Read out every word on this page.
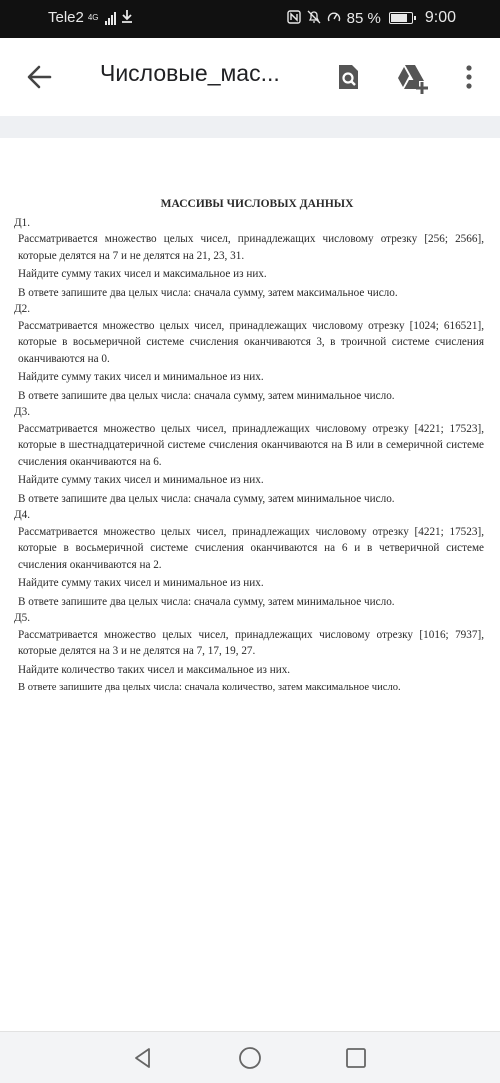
Tele2 4G	85 %	9:00
Числовые_мас...
МАССИВЫ ЧИСЛОВЫХ ДАННЫХ
Д1.
Рассматривается множество целых чисел, принадлежащих числовому отрезку [256; 2566], которые делятся на 7 и не делятся на 21, 23, 31.
Найдите сумму таких чисел и максимальное из них.
В ответе запишите два целых числа: сначала сумму, затем максимальное число.
Д2.
Рассматривается множество целых чисел, принадлежащих числовому отрезку [1024; 616521], которые в восьмеричной системе счисления оканчиваются 3, в троичной системе счисления оканчиваются на 0.
Найдите сумму таких чисел и минимальное из них.
В ответе запишите два целых числа: сначала сумму, затем минимальное число.
Д3.
Рассматривается множество целых чисел, принадлежащих числовому отрезку [4221; 17523], которые в шестнадцатеричной системе счисления оканчиваются на B или в семеричной системе счисления оканчиваются на 6.
Найдите сумму таких чисел и минимальное из них.
В ответе запишите два целых числа: сначала сумму, затем минимальное число.
Д4.
Рассматривается множество целых чисел, принадлежащих числовому отрезку [4221; 17523], которые в восьмеричной системе счисления оканчиваются на 6 и в четверичной системе счисления оканчиваются на 2.
Найдите сумму таких чисел и минимальное из них.
В ответе запишите два целых числа: сначала сумму, затем минимальное число.
Д5.
Рассматривается множество целых чисел, принадлежащих числовому отрезку [1016; 7937], которые делятся на 3 и не делятся на 7, 17, 19, 27.
Найдите количество таких чисел и максимальное из них.
В ответе запишите два целых числа: сначала количество, затем максимальное число.
